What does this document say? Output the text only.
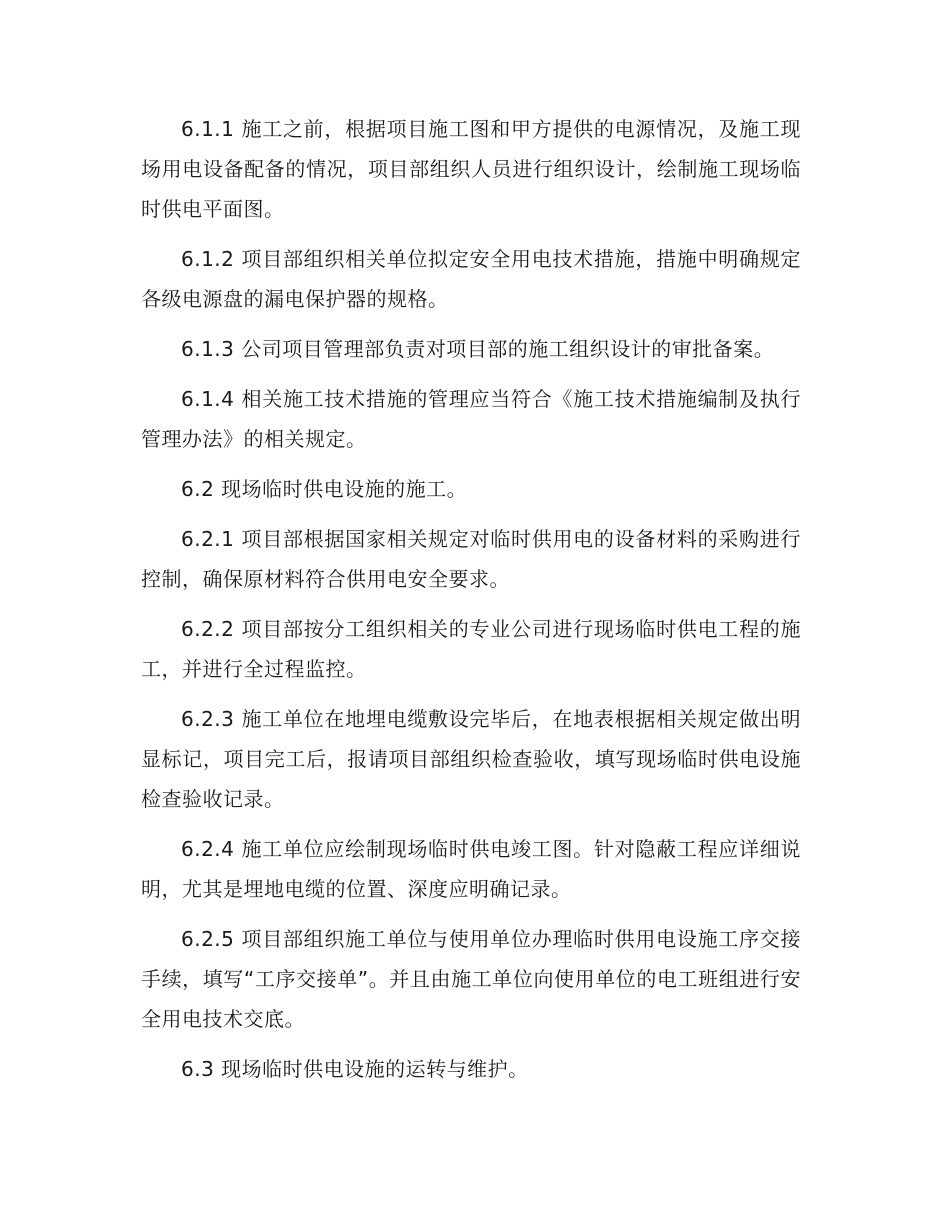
6.1.1 施工之前，根据项目施工图和甲方提供的电源情况，及施工现场用电设备配备的情况，项目部组织人员进行组织设计，绘制施工现场临时供电平面图。

6.1.2 项目部组织相关单位拟定安全用电技术措施，措施中明确规定各级电源盘的漏电保护器的规格。

6.1.3 公司项目管理部负责对项目部的施工组织设计的审批备案。

6.1.4 相关施工技术措施的管理应当符合《施工技术措施编制及执行管理办法》的相关规定。

6.2 现场临时供电设施的施工。

6.2.1 项目部根据国家相关规定对临时供用电的设备材料的采购进行控制，确保原材料符合供用电安全要求。

6.2.2 项目部按分工组织相关的专业公司进行现场临时供电工程的施工，并进行全过程监控。

6.2.3 施工单位在地埋电缆敷设完毕后，在地表根据相关规定做出明显标记，项目完工后，报请项目部组织检查验收，填写现场临时供电设施检查验收记录。

6.2.4 施工单位应绘制现场临时供电竣工图。针对隐蔽工程应详细说明，尤其是埋地电缆的位置、深度应明确记录。

6.2.5 项目部组织施工单位与使用单位办理临时供用电设施工序交接手续，填写“工序交接单”。并且由施工单位向使用单位的电工班组进行安全用电技术交底。

6.3 现场临时供电设施的运转与维护。
